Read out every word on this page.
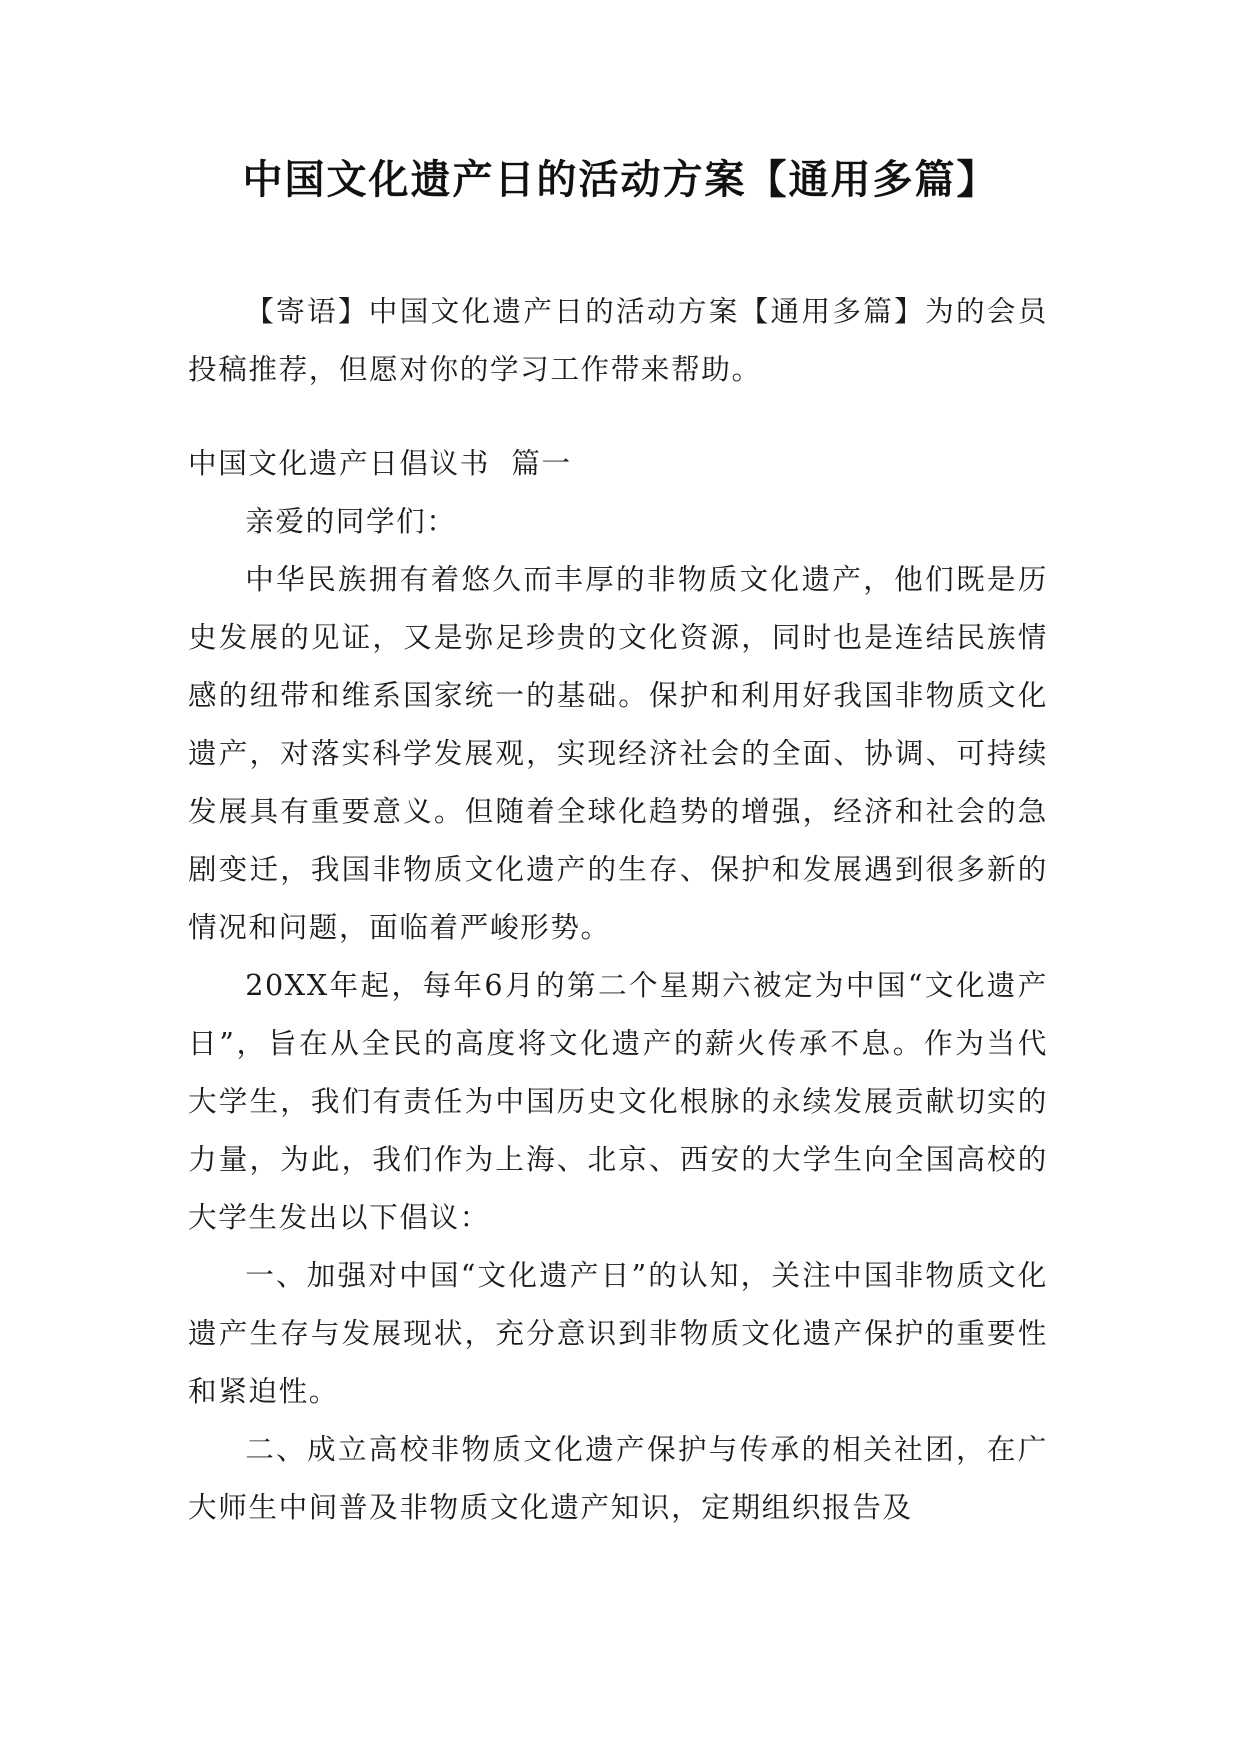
中国文化遗产日的活动方案【通用多篇】

【寄语】中国文化遗产日的活动方案【通用多篇】为的会员投稿推荐，但愿对你的学习工作带来帮助。

中国文化遗产日倡议书  篇一

亲爱的同学们：

中华民族拥有着悠久而丰厚的非物质文化遗产，他们既是历史发展的见证，又是弥足珍贵的文化资源，同时也是连结民族情感的纽带和维系国家统一的基础。保护和利用好我国非物质文化遗产，对落实科学发展观，实现经济社会的全面、协调、可持续发展具有重要意义。但随着全球化趋势的增强，经济和社会的急剧变迁，我国非物质文化遗产的生存、保护和发展遇到很多新的情况和问题，面临着严峻形势。

20XX年起，每年6月的第二个星期六被定为中国“文化遗产日”，旨在从全民的高度将文化遗产的薪火传承不息。作为当代大学生，我们有责任为中国历史文化根脉的永续发展贡献切实的力量，为此，我们作为上海、北京、西安的大学生向全国高校的大学生发出以下倡议：

一、加强对中国“文化遗产日”的认知，关注中国非物质文化遗产生存与发展现状，充分意识到非物质文化遗产保护的重要性和紧迫性。

二、成立高校非物质文化遗产保护与传承的相关社团，在广大师生中间普及非物质文化遗产知识，定期组织报告及
